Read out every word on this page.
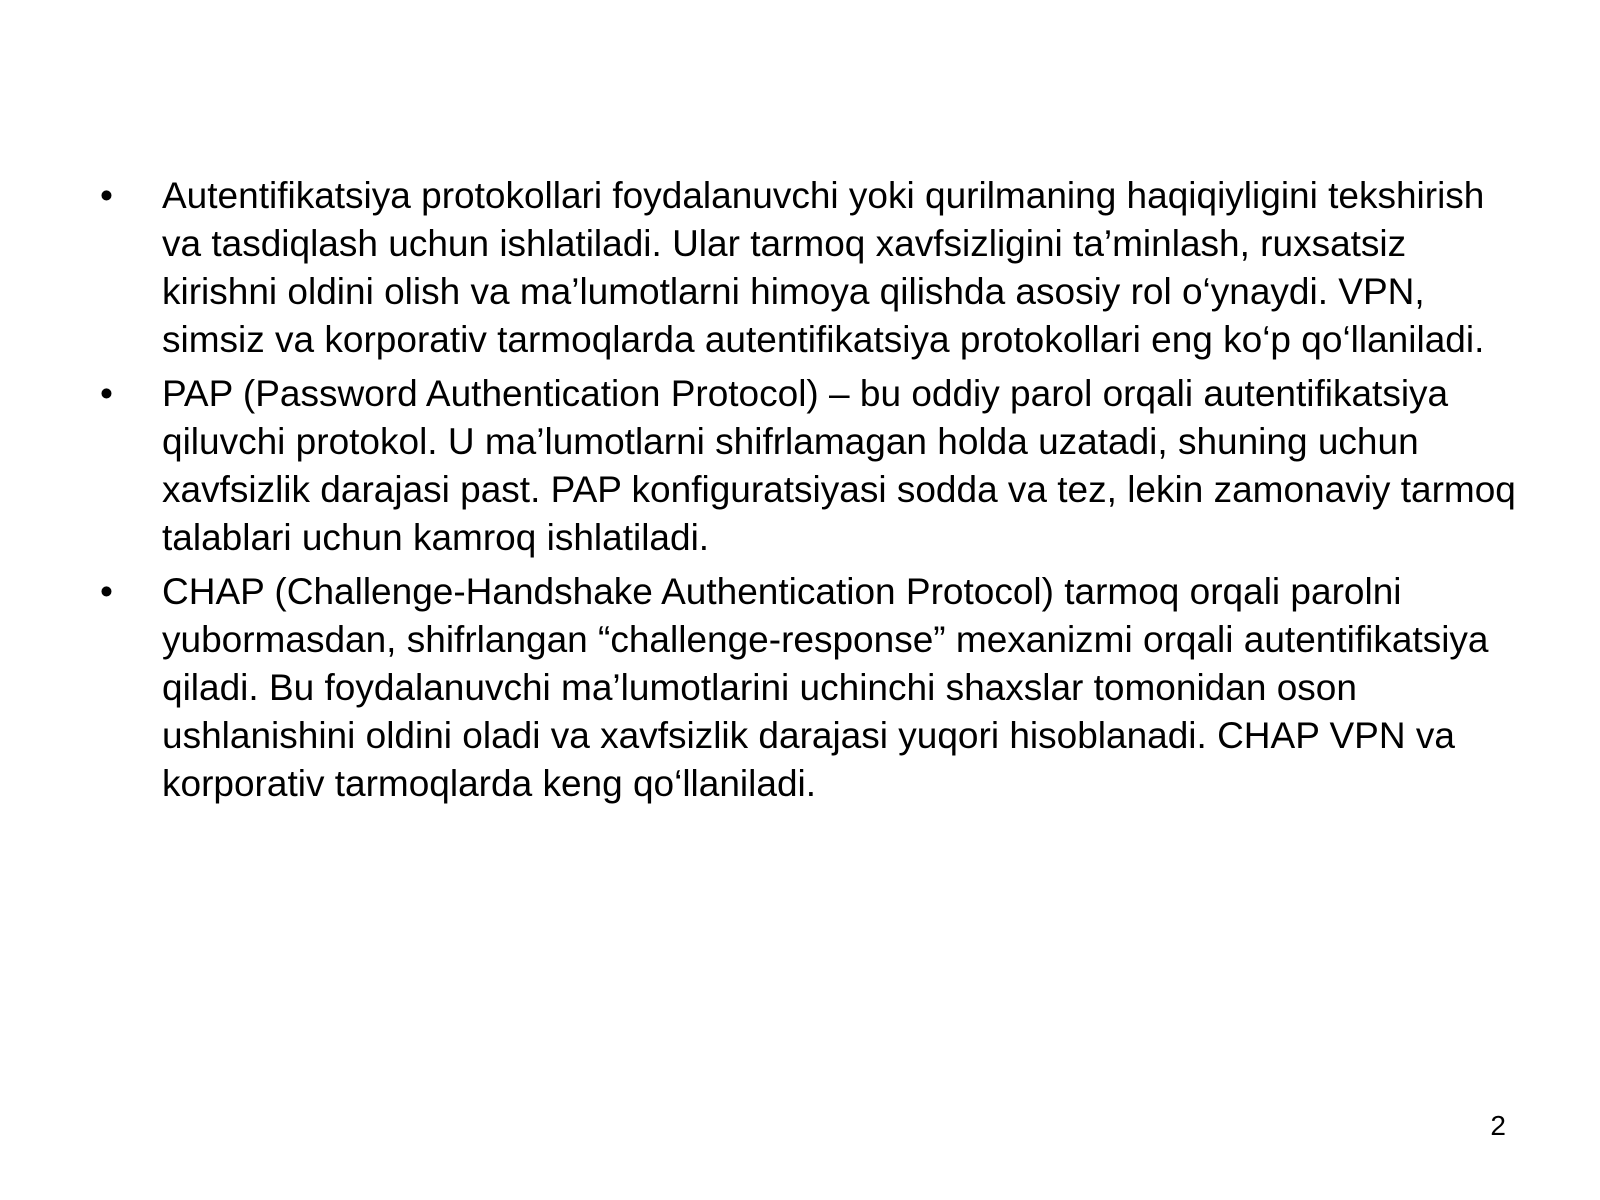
• Autentifikatsiya protokollari foydalanuvchi yoki qurilmaning haqiqiyligini tekshirish va tasdiqlash uchun ishlatiladi. Ular tarmoq xavfsizligini ta’minlash, ruxsatsiz kirishni oldini olish va ma’lumotlarni himoya qilishda asosiy rol o‘ynaydi. VPN, simsiz va korporativ tarmoqlarda autentifikatsiya protokollari eng ko‘p qo‘llaniladi.
• PAP (Password Authentication Protocol) – bu oddiy parol orqali autentifikatsiya qiluvchi protokol. U ma’lumotlarni shifrlamagan holda uzatadi, shuning uchun xavfsizlik darajasi past. PAP konfiguratsiyasi sodda va tez, lekin zamonaviy tarmoq talablari uchun kamroq ishlatiladi.
• CHAP (Challenge-Handshake Authentication Protocol) tarmoq orqali parolni yubormasdan, shifrlangan “challenge-response” mexanizmi orqali autentifikatsiya qiladi. Bu foydalanuvchi ma’lumotlarini uchinchi shaxslar tomonidan oson ushlanishini oldini oladi va xavfsizlik darajasi yuqori hisoblanadi. CHAP VPN va korporativ tarmoqlarda keng qo‘llaniladi.
2
